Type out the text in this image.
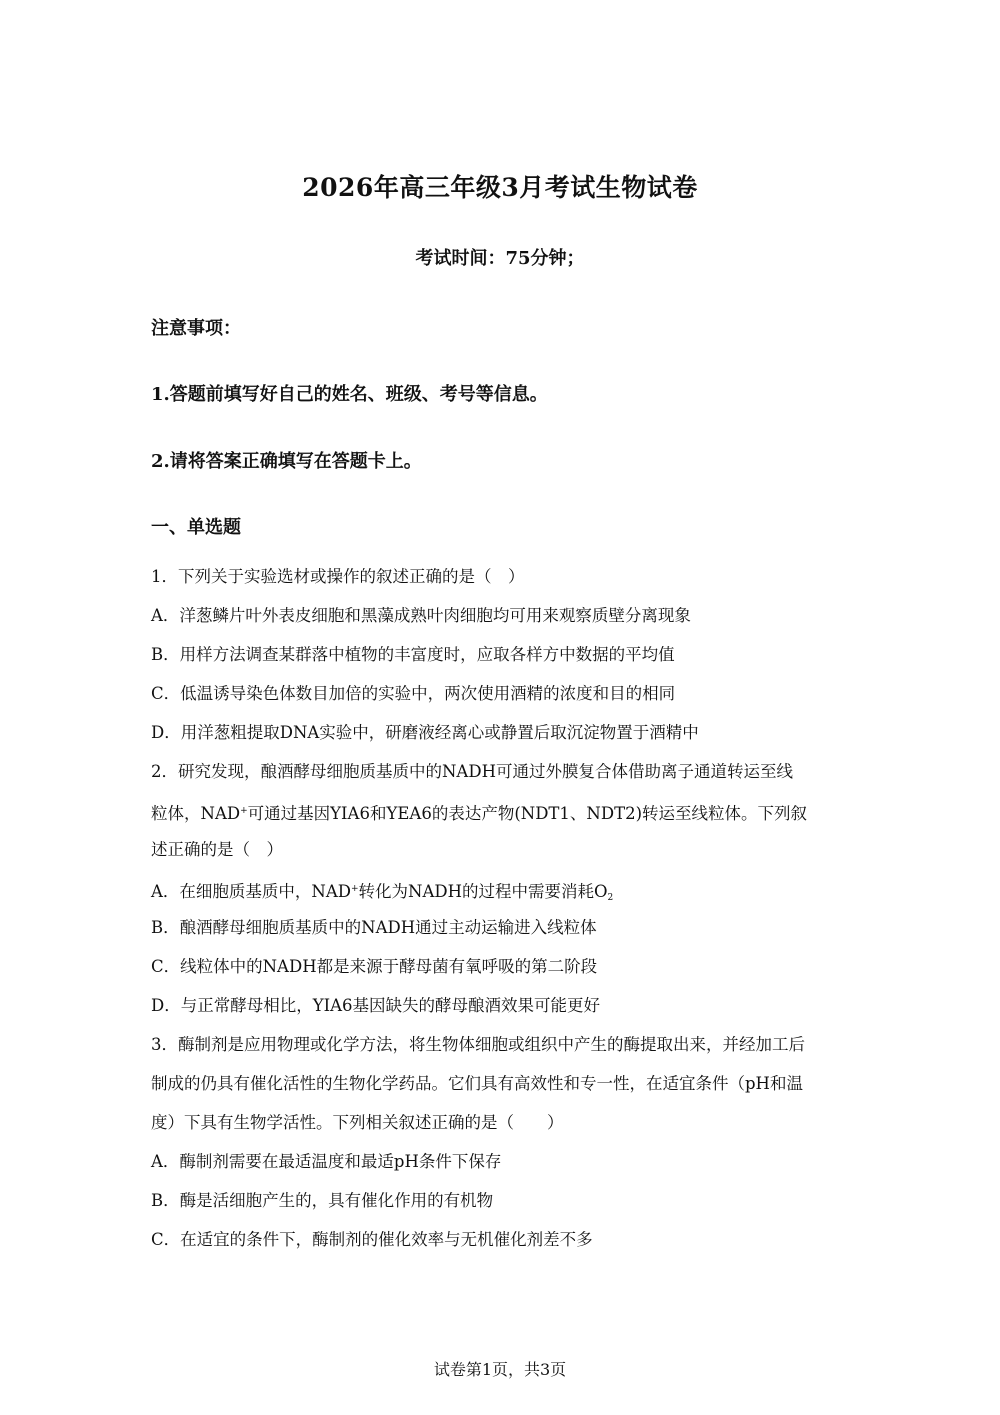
2026年高三年级3月考试生物试卷
考试时间：75分钟；
注意事项：
1.答题前填写好自己的姓名、班级、考号等信息。
2.请将答案正确填写在答题卡上。
一、单选题
1．下列关于实验选材或操作的叙述正确的是（　）
A．洋葱鳞片叶外表皮细胞和黑藻成熟叶肉细胞均可用来观察质壁分离现象
B．用样方法调查某群落中植物的丰富度时，应取各样方中数据的平均值
C．低温诱导染色体数目加倍的实验中，两次使用酒精的浓度和目的相同
D．用洋葱粗提取DNA实验中，研磨液经离心或静置后取沉淀物置于酒精中
2．研究发现，酿酒酵母细胞质基质中的NADH可通过外膜复合体借助离子通道转运至线
粒体，NAD+可通过基因YIA6和YEA6的表达产物(NDT1、NDT2)转运至线粒体。下列叙
述正确的是（　）
A．在细胞质基质中，NAD+转化为NADH的过程中需要消耗$O_2$
B．酿酒酵母细胞质基质中的NADH通过主动运输进入线粒体
C．线粒体中的NADH都是来源于酵母菌有氧呼吸的第二阶段
D．与正常酵母相比，YIA6基因缺失的酵母酿酒效果可能更好
3．酶制剂是应用物理或化学方法，将生物体细胞或组织中产生的酶提取出来，并经加工后
制成的仍具有催化活性的生物化学药品。它们具有高效性和专一性，在适宜条件（pH和温
度）下具有生物学活性。下列相关叙述正确的是（　　）
A．酶制剂需要在最适温度和最适pH条件下保存
B．酶是活细胞产生的，具有催化作用的有机物
C．在适宜的条件下，酶制剂的催化效率与无机催化剂差不多
试卷第1页，共3页
